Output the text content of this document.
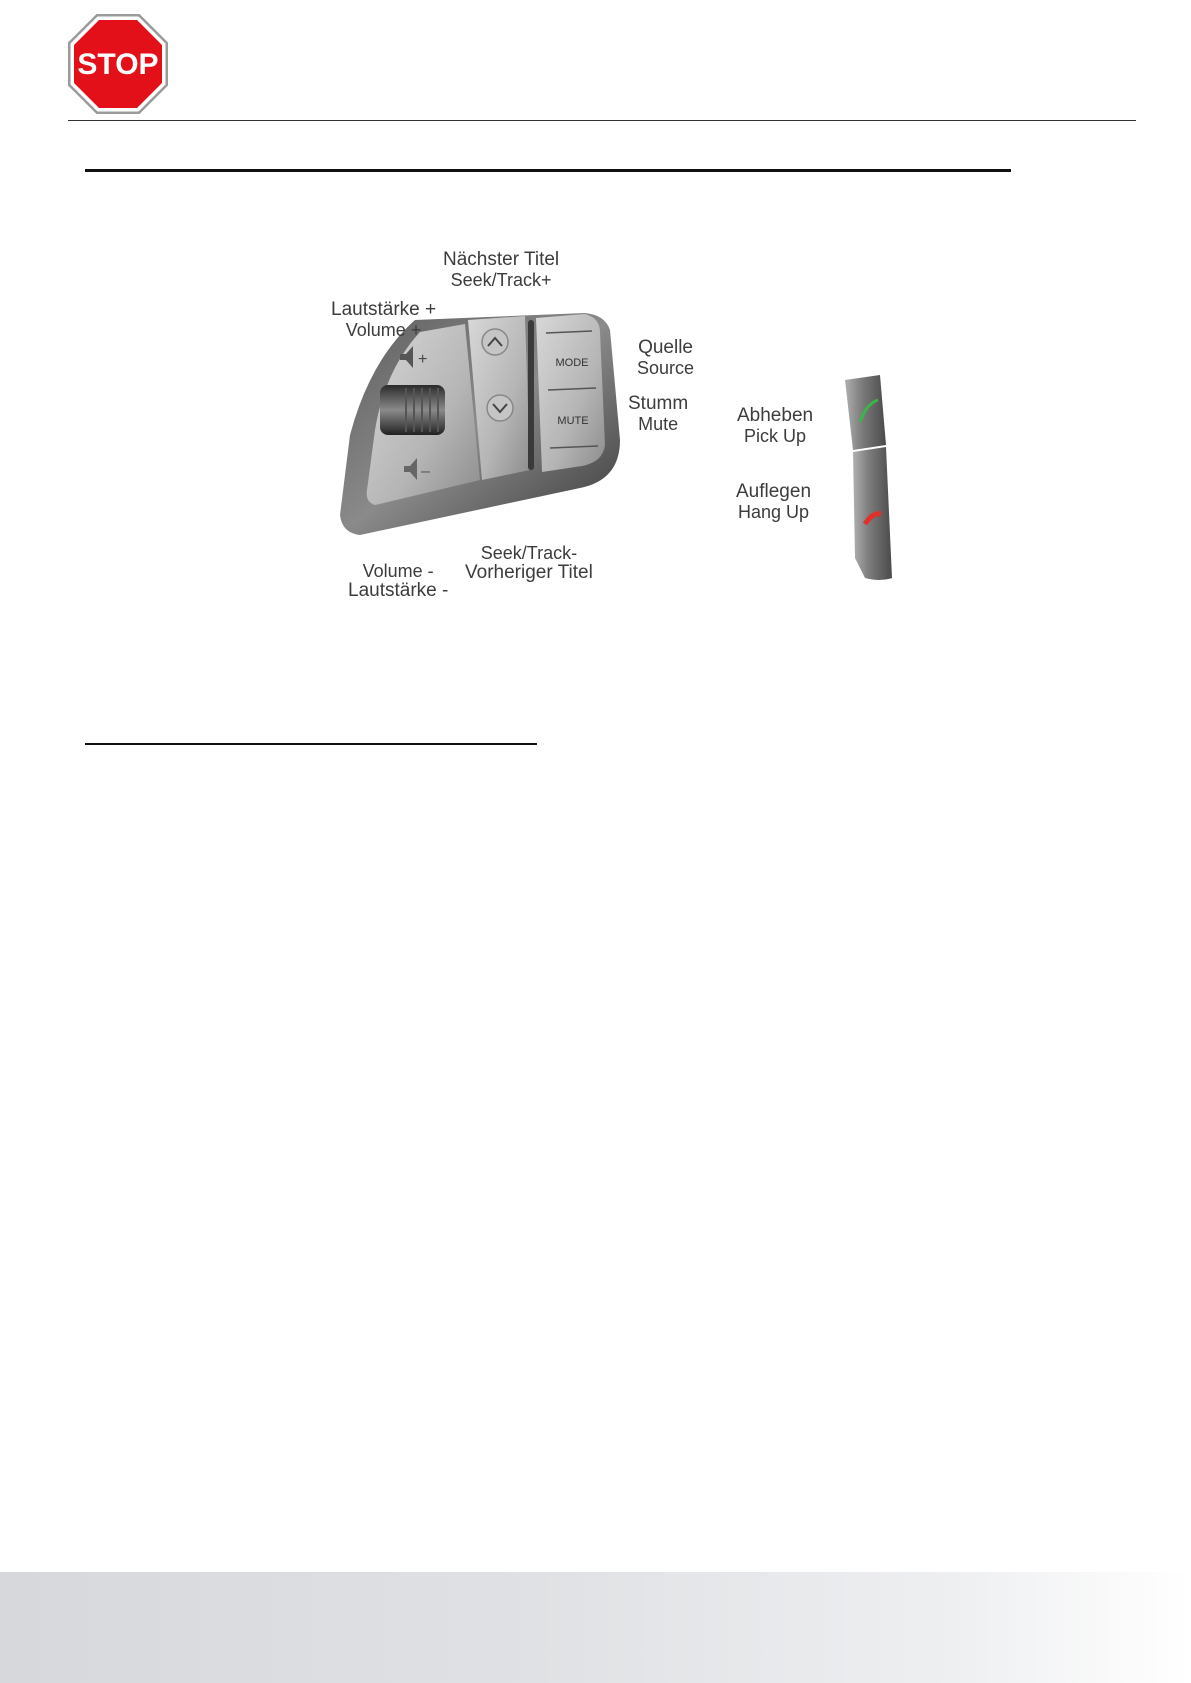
STOP
+
–
MODE
MUTE
Lautstärke +
Volume +
Nächster Titel
Seek/Track+
Quelle
Source
Stumm
Mute	Abheben
Pick Up
Auflegen
Hang Up
Volume -
Lautstärke -
Seek/Track-
Vorheriger Titel
